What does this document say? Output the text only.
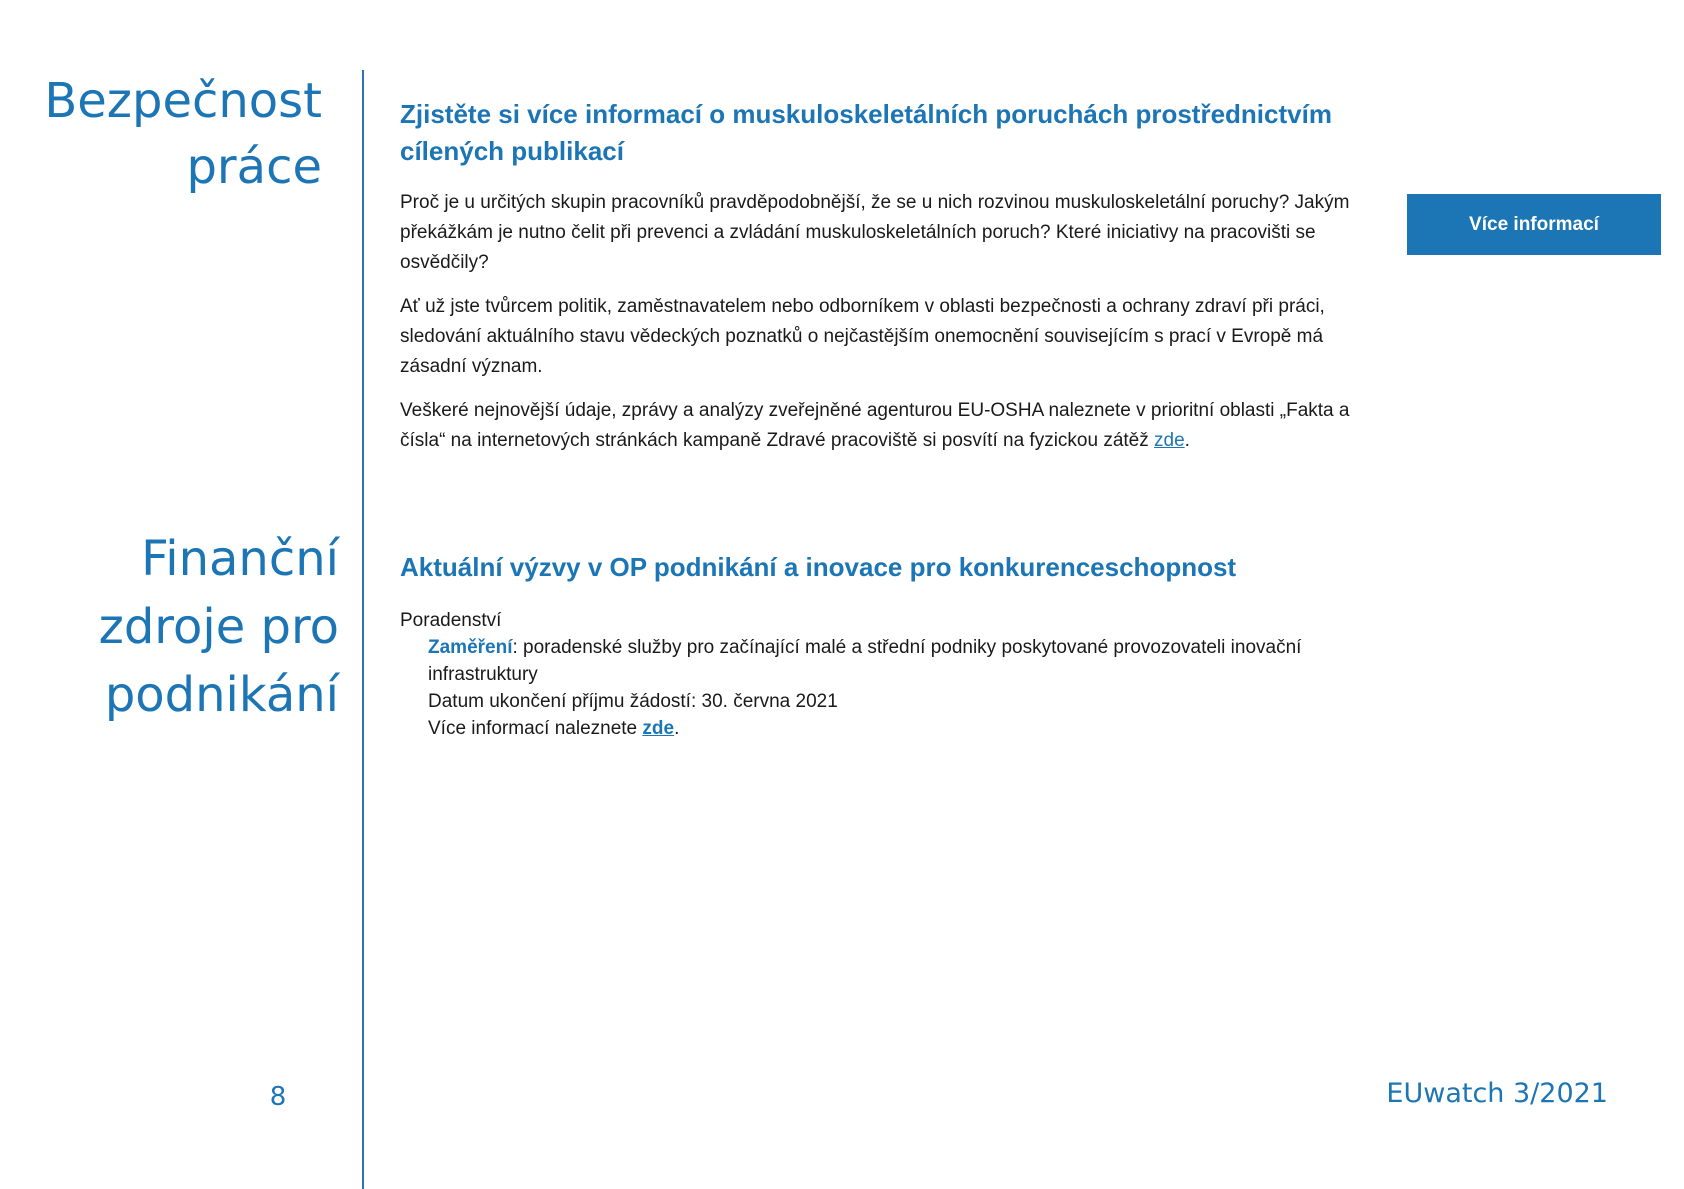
Bezpečnost
práce
Zjistěte si více informací o muskuloskeletálních poruchách prostřednictvím cílených publikací

Proč je u určitých skupin pracovníků pravděpodobnější, že se u nich rozvinou muskuloskeletální poruchy? Jakým překážkám je nutno čelit při prevenci a zvládání muskuloskeletálních poruch? Které iniciativy na pracovišti se osvědčily?

Ať už jste tvůrcem politik, zaměstnavatelem nebo odborníkem v oblasti bezpečnosti a ochrany zdraví při práci, sledování aktuálního stavu vědeckých poznatků o nejčastějším onemocnění souvisejícím s prací v Evropě má zásadní význam.

Veškeré nejnovější údaje, zprávy a analýzy zveřejněné agenturou EU-OSHA naleznete v prioritní oblasti „Fakta a čísla“ na internetových stránkách kampaně Zdravé pracoviště si posvítí na fyzickou zátěž zde.

Více informací
Finanční
zdroje pro
podnikání
Aktuální výzvy v OP podnikání a inovace pro konkurenceschopnost

Poradenství

Zaměření: poradenské služby pro začínající malé a střední podniky poskytované provozovateli inovační infrastruktury

Datum ukončení příjmu žádostí: 30. června 2021

Více informací naleznete zde.

8	EUwatch 3/2021
